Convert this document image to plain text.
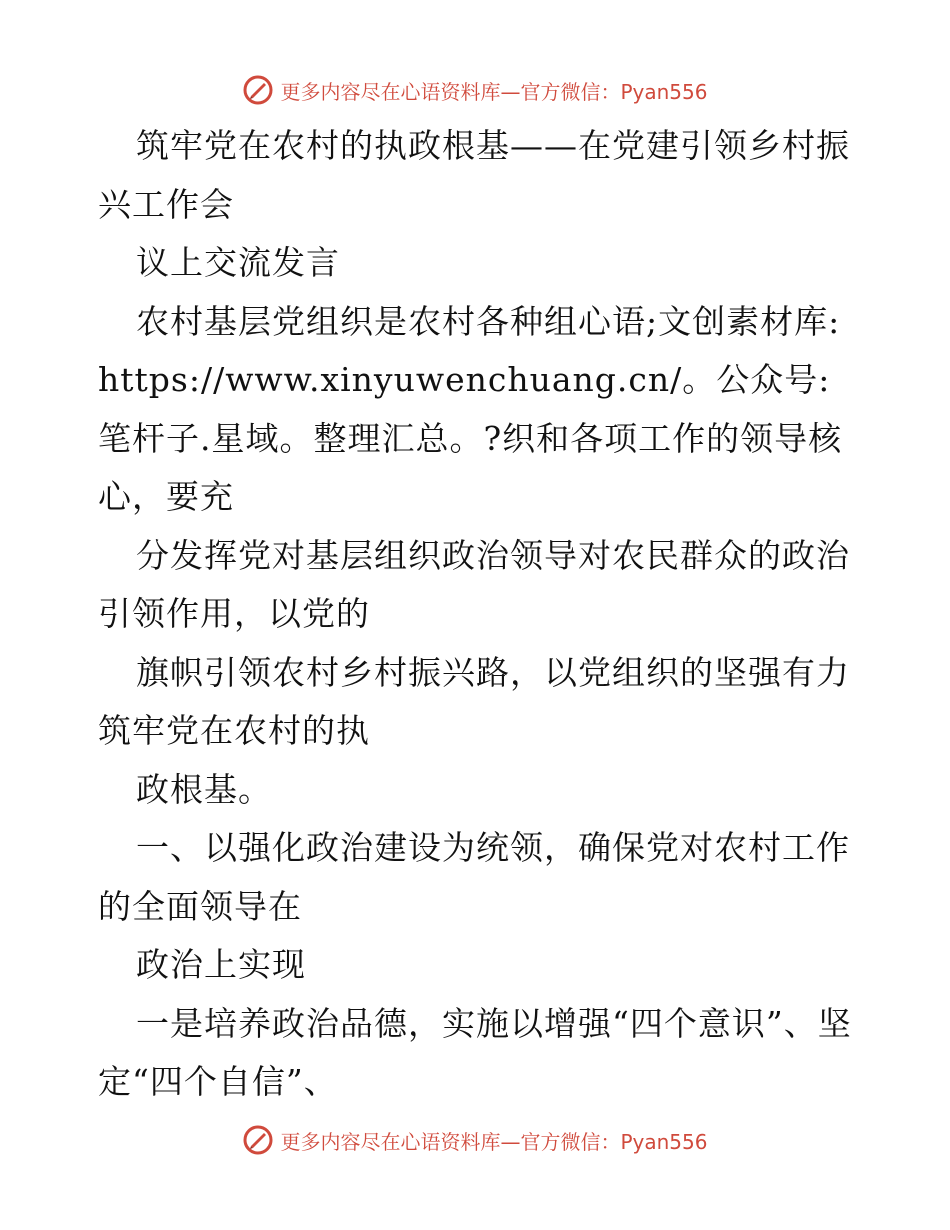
更多内容尽在心语资料库—官方微信：Pyan556

筑牢党在农村的执政根基——在党建引领乡村振兴工作会

议上交流发言

农村基层党组织是农村各种组心语;文创素材库: https://www.xinyuwenchuang.cn/。公众号:笔杆子.星域。整理汇总。?织和各项工作的领导核心，要充

分发挥党对基层组织政治领导对农民群众的政治引领作用，以党的

旗帜引领农村乡村振兴路，以党组织的坚强有力筑牢党在农村的执

政根基。

一、以强化政治建设为统领，确保党对农村工作的全面领导在

政治上实现

一是培养政治品德，实施以增强“四个意识”、坚定“四个自信”、

更多内容尽在心语资料库—官方微信：Pyan556
